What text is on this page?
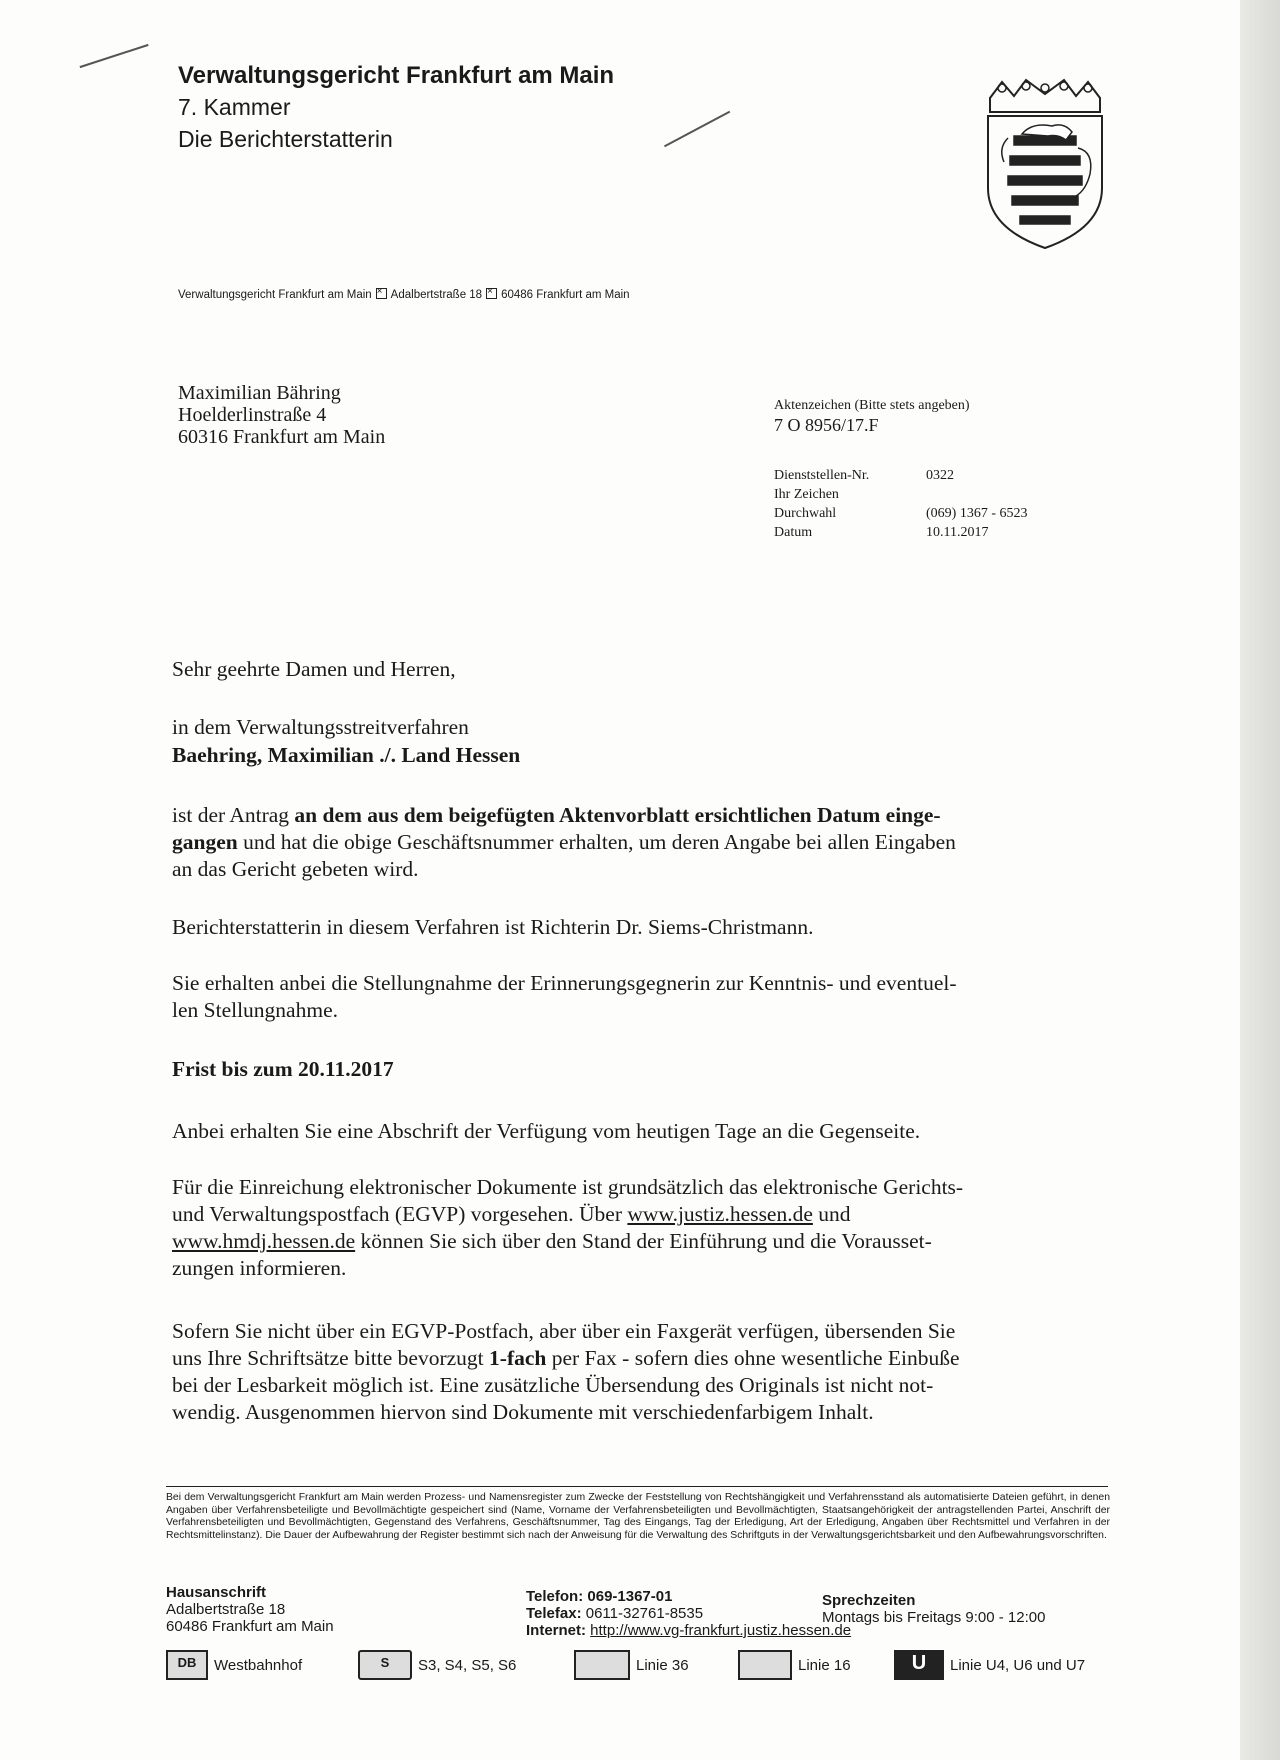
Verwaltungsgericht Frankfurt am Main
7. Kammer
Die Berichterstatterin
Verwaltungsgericht Frankfurt am Main × Adalbertstraße 18 × 60486 Frankfurt am Main
Maximilian Bähring
Hoelderlinstraße 4
60316 Frankfurt am Main
Aktenzeichen (Bitte stets angeben)
7 O 8956/17.F
Dienststellen-Nr.	0322
Ihr Zeichen
Durchwahl	(069) 1367 - 6523
Datum	10.11.2017
Sehr geehrte Damen und Herren,
in dem Verwaltungsstreitverfahren
Baehring, Maximilian ./. Land Hessen
ist der Antrag an dem aus dem beigefügten Aktenvorblatt ersichtlichen Datum einge-
gangen und hat die obige Geschäftsnummer erhalten, um deren Angabe bei allen Eingaben
an das Gericht gebeten wird.
Berichterstatterin in diesem Verfahren ist Richterin Dr. Siems-Christmann.
Sie erhalten anbei die Stellungnahme der Erinnerungsgegnerin zur Kenntnis- und eventuel-
len Stellungnahme.
Frist bis zum 20.11.2017
Anbei erhalten Sie eine Abschrift der Verfügung vom heutigen Tage an die Gegenseite.
Für die Einreichung elektronischer Dokumente ist grundsätzlich das elektronische Gerichts-
und Verwaltungspostfach (EGVP) vorgesehen. Über www.justiz.hessen.de und
www.hmdj.hessen.de können Sie sich über den Stand der Einführung und die Vorausset-
zungen informieren.
Sofern Sie nicht über ein EGVP-Postfach, aber über ein Faxgerät verfügen, übersenden Sie
uns Ihre Schriftsätze bitte bevorzugt 1-fach per Fax - sofern dies ohne wesentliche Einbuße
bei der Lesbarkeit möglich ist. Eine zusätzliche Übersendung des Originals ist nicht not-
wendig. Ausgenommen hiervon sind Dokumente mit verschiedenfarbigem Inhalt.
Bei dem Verwaltungsgericht Frankfurt am Main werden Prozess- und Namensregister zum Zwecke der Feststellung von Rechtshängigkeit und Verfahrensstand als automatisierte Dateien geführt, in denen Angaben über Verfahrensbeteiligte und Bevollmächtigte gespeichert sind (Name, Vorname der Verfahrensbeteiligten und Bevollmächtigten, Staatsangehörigkeit der antragstellenden Partei, Anschrift der Verfahrensbeteiligten und Bevollmächtigten, Gegenstand des Verfahrens, Geschäftsnummer, Tag des Eingangs, Tag der Erledigung, Art der Erledigung, Angaben über Rechtsmittel und Verfahren in der Rechtsmittelinstanz). Die Dauer der Aufbewahrung der Register bestimmt sich nach der Anweisung für die Verwaltung des Schriftguts in der Verwaltungsgerichtsbarkeit und den Aufbewahrungsvorschriften.
Hausanschrift
Adalbertstraße 18
60486 Frankfurt am Main
Telefon: 069-1367-01
Telefax: 0611-32761-8535
Internet: http://www.vg-frankfurt.justiz.hessen.de
Sprechzeiten
Montags bis Freitags 9:00 - 12:00
DB	Westbahnhof	S	S3, S4, S5, S6	Linie 36	Linie 16	U	Linie U4, U6 und U7
